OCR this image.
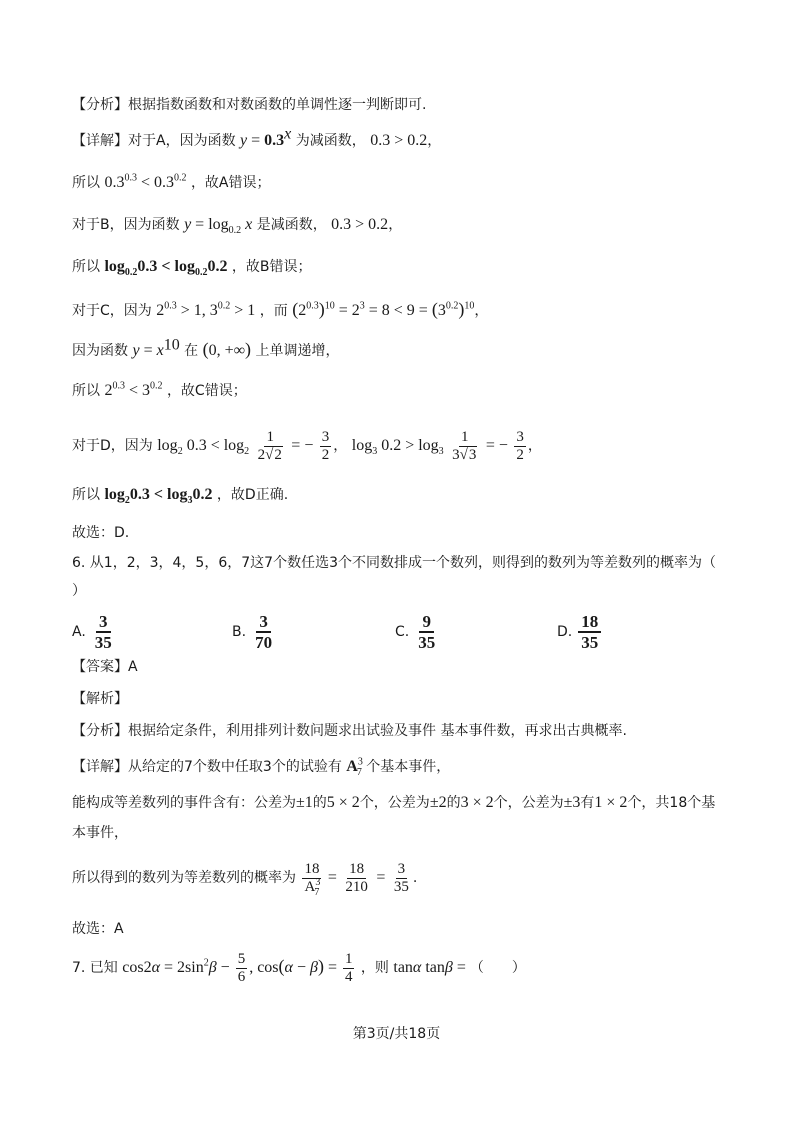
【分析】根据指数函数和对数函数的单调性逐一判断即可.
【详解】对于A，因为函数 $y = 0.3^x$ 为减函数， 0.3 > 0.2，
所以 $0.3^{0.3} < 0.3^{0.2}$ ，故A错误；
对于B，因为函数 $y = \log_{0.2} x$ 是减函数， 0.3 > 0.2，
所以 $\log_{0.2}0.3 < \log_{0.2}0.2$ ，故B错误；
对于C，因为 $2^{0.3} > 1$, $3^{0.2} > 1$ ，而 $(2^{0.3})^{10} = 2^3 = 8 < 9 = (3^{0.2})^{10}$，
因为函数 $y = x^{10}$ 在 (0, +∞) 上单调递增，
所以 $2^{0.3} < 3^{0.2}$ ，故C错误；
对于D，因为 $\log_2 0.3 < \log_2 \frac{1}{2√2}$ = − $\frac{3}{2}$ ， $\log_3 0.2 > \log_3 \frac{1}{3√3}$ = − $\frac{3}{2}$ ，
所以 $\log_20.3 < \log_30.2$ ，故D正确.
故选：D.
6. 从1，2，3，4，5，6，7这7个数任选3个不同数排成一个数列，则得到的数列为等差数列的概率为（
）
A.
3
35
B.
3
70
C.
9
35
D.
18
35
【答案】A
【解析】
【分析】根据给定条件，利用排列计数问题求出试验及事件 基本事件数，再求出古典概率.
【详解】从给定的7个数中任取3个的试验有 $A^3_7$ 个基本事件，
能构成等差数列的事件含有：公差为±1的5 × 2个，公差为±2的3 × 2个，公差为±3有1 × 2个，共18个基
本事件，
所以得到的数列为等差数列的概率为 $\frac{18}{A^3_7} = \frac{18}{210} = \frac{3}{35}$ .
故选：A
7. 已知 $\cos 2\alpha = 2\sin^2\beta - \frac{5}{6}$ , $\cos(\alpha - \beta) = \frac{1}{4}$ ，则 tanα tanβ = （　　）
第3页/共18页
